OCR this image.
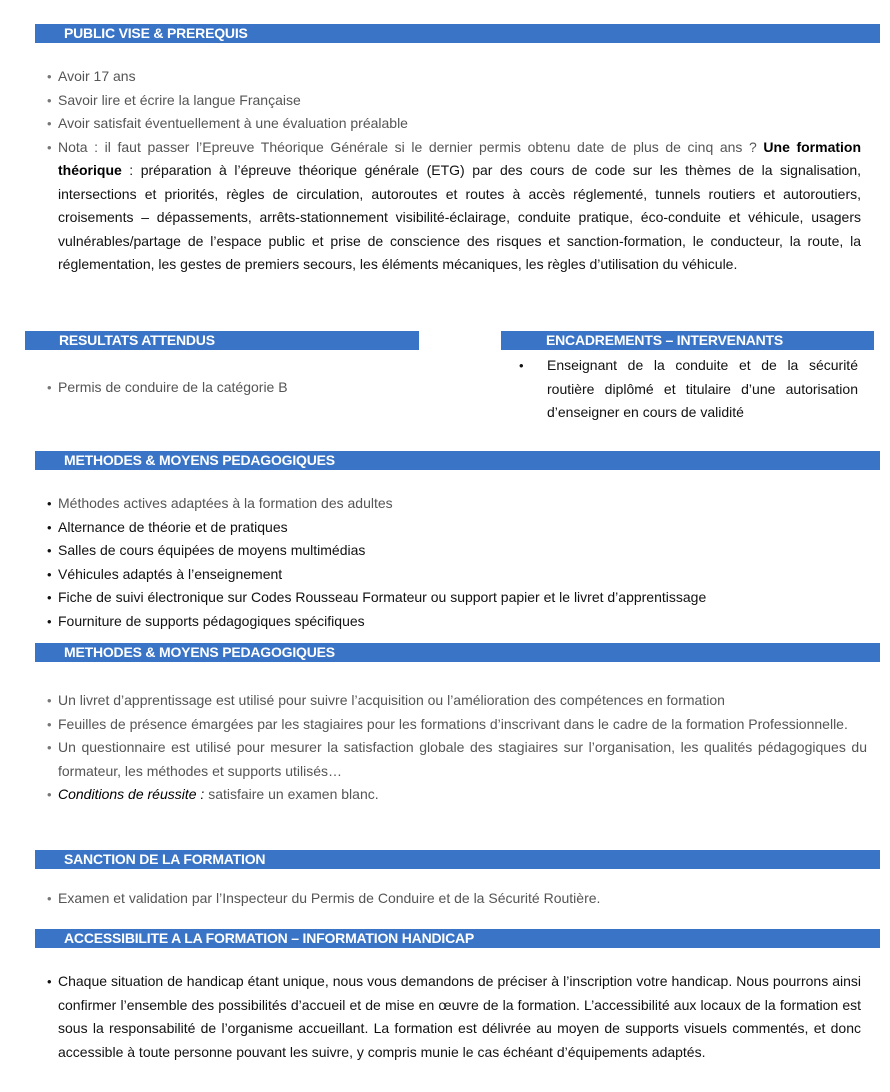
PUBLIC VISE & PREREQUIS
• Avoir 17 ans
• Savoir lire et écrire la langue Française
• Avoir satisfait éventuellement à une évaluation préalable
• Nota : il faut passer l’Epreuve Théorique Générale si le dernier permis obtenu date de plus de cinq ans ? Une formation théorique : préparation à l’épreuve théorique générale (ETG) par des cours de code sur les thèmes de la signalisation, intersections et priorités, règles de circulation, autoroutes et routes à accès réglementé, tunnels routiers et autoroutiers, croisements – dépassements, arrêts-stationnement visibilité-éclairage, conduite pratique, éco-conduite et véhicule, usagers vulnérables/partage de l’espace public et prise de conscience des risques et sanction-formation, le conducteur, la route, la réglementation, les gestes de premiers secours, les éléments mécaniques, les règles d’utilisation du véhicule.
RESULTATS ATTENDUS
• Permis de conduire de la catégorie B
ENCADREMENTS – INTERVENANTS
• Enseignant de la conduite et de la sécurité routière diplômé et titulaire d’une autorisation d’enseigner en cours de validité
METHODES & MOYENS PEDAGOGIQUES
• Méthodes actives adaptées à la formation des adultes
• Alternance de théorie et de pratiques
• Salles de cours équipées de moyens multimédias
• Véhicules adaptés à l’enseignement
• Fiche de suivi électronique sur Codes Rousseau Formateur ou support papier et le livret d’apprentissage
• Fourniture de supports pédagogiques spécifiques
METHODES & MOYENS PEDAGOGIQUES
• Un livret d’apprentissage est utilisé pour suivre l’acquisition ou l’amélioration des compétences en formation
• Feuilles de présence émargées par les stagiaires pour les formations d’inscrivant dans le cadre de la formation Professionnelle.
• Un questionnaire est utilisé pour mesurer la satisfaction globale des stagiaires sur l’organisation, les qualités pédagogiques du formateur, les méthodes et supports utilisés…
• Conditions de réussite : satisfaire un examen blanc.
SANCTION DE LA FORMATION
• Examen et validation par l’Inspecteur du Permis de Conduire et de la Sécurité Routière.
ACCESSIBILITE A LA FORMATION – INFORMATION HANDICAP
• Chaque situation de handicap étant unique, nous vous demandons de préciser à l’inscription votre handicap. Nous pourrons ainsi confirmer l’ensemble des possibilités d’accueil et de mise en œuvre de la formation. L’accessibilité aux locaux de la formation est sous la responsabilité de l’organisme accueillant. La formation est délivrée au moyen de supports visuels commentés, et donc accessible à toute personne pouvant les suivre, y compris munie le cas échéant d’équipements adaptés.
